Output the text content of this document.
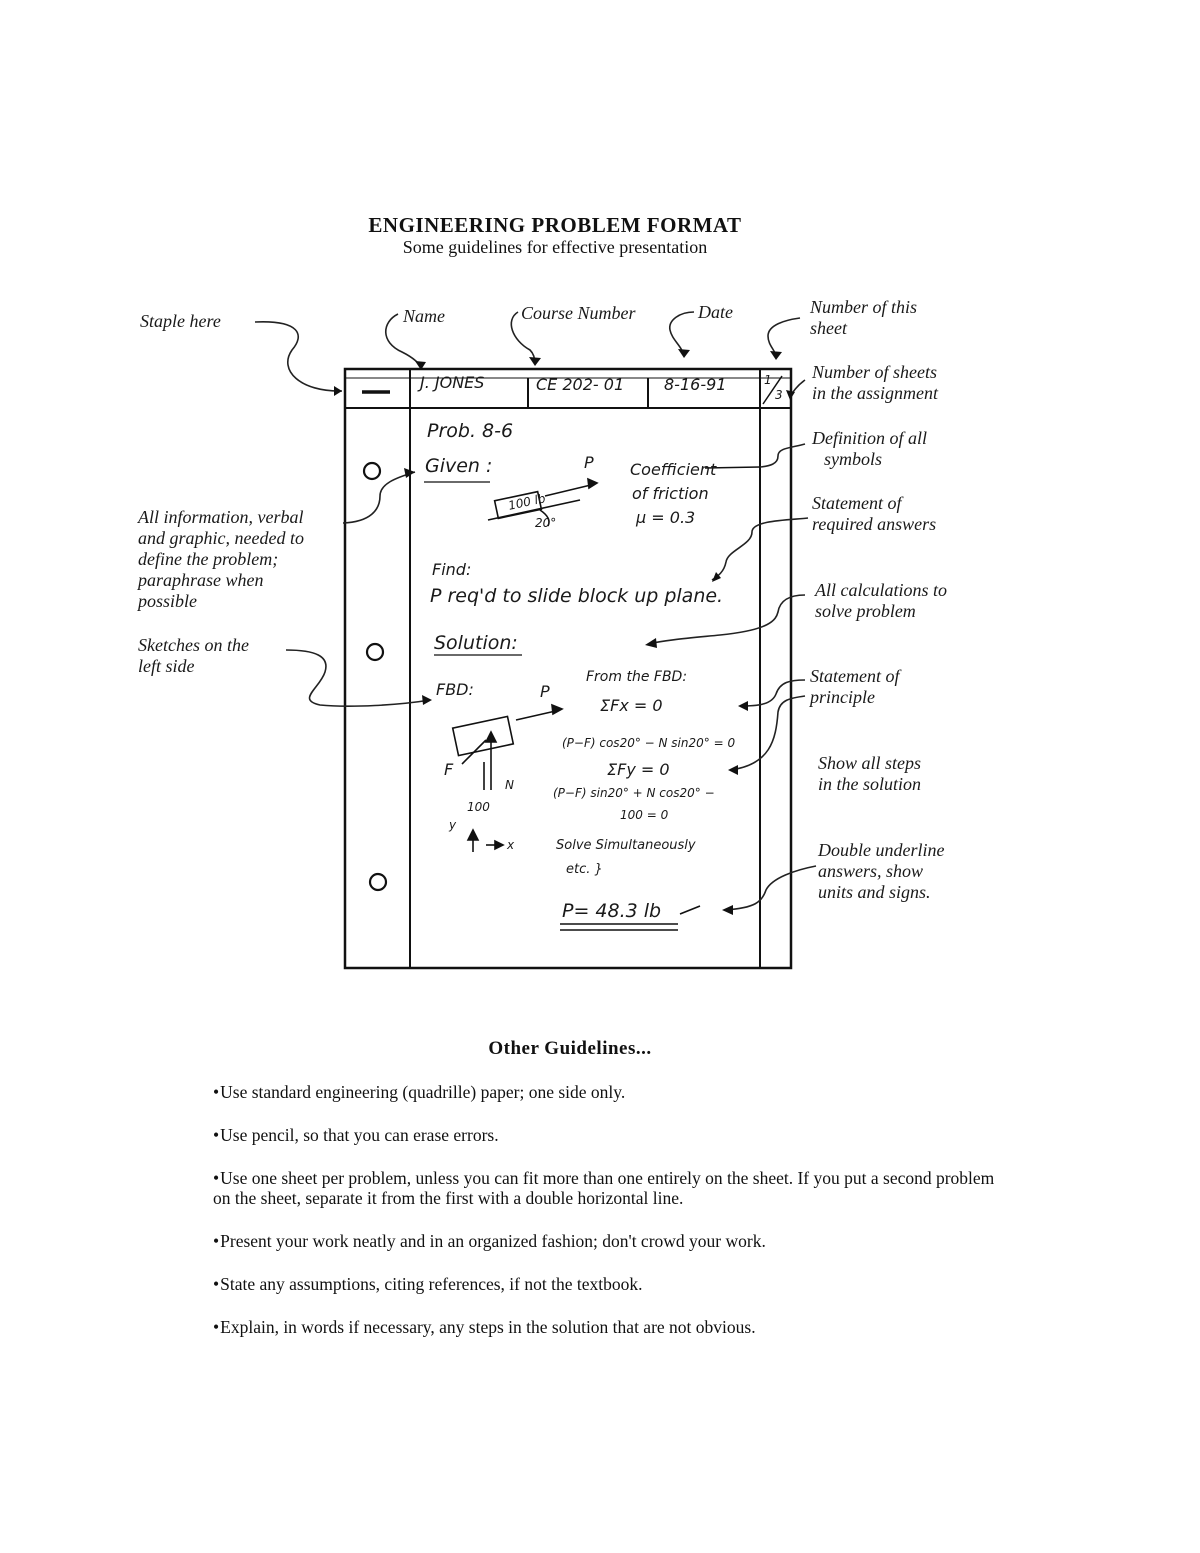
ENGINEERING PROBLEM FORMAT
Some guidelines for effective presentation
Staple here	Name	Course Number	Date	Number of this
sheet
Number of sheets
in the assignment
Definition of all
symbols
Statement of
required answers
All calculations to
solve problem
Statement of
principle
Show all steps
in the solution
Double underline
answers, show
units and signs.
All information, verbal
and graphic, needed to
define the problem;
paraphrase when
possible
Sketches on the
left side
J. JONES	CE 202- 01 8-16-91	1
3
Prob. 8-6
Given :	P
100 lb
20°
Coefficient
of friction
μ = 0.3
Find:
P req'd to slide block up plane.
Solution:
FBD:	P
F
N
100
y
x
From the FBD:
ΣFx = 0
(P−F) cos20° − N sin20° = 0
ΣFy = 0
(P−F) sin20° + N cos20° −
100 = 0
Solve Simultaneously
etc. }
P= 48.3 lb
Other Guidelines...
• Use standard engineering (quadrille) paper; one side only.
• Use pencil, so that you can erase errors.
• Use one sheet per problem, unless you can fit more than one entirely on the sheet. If you put a second problem on the sheet, separate it from the first with a double horizontal line.
• Present your work neatly and in an organized fashion; don't crowd your work.
• State any assumptions, citing references, if not the textbook.
• Explain, in words if necessary, any steps in the solution that are not obvious.
